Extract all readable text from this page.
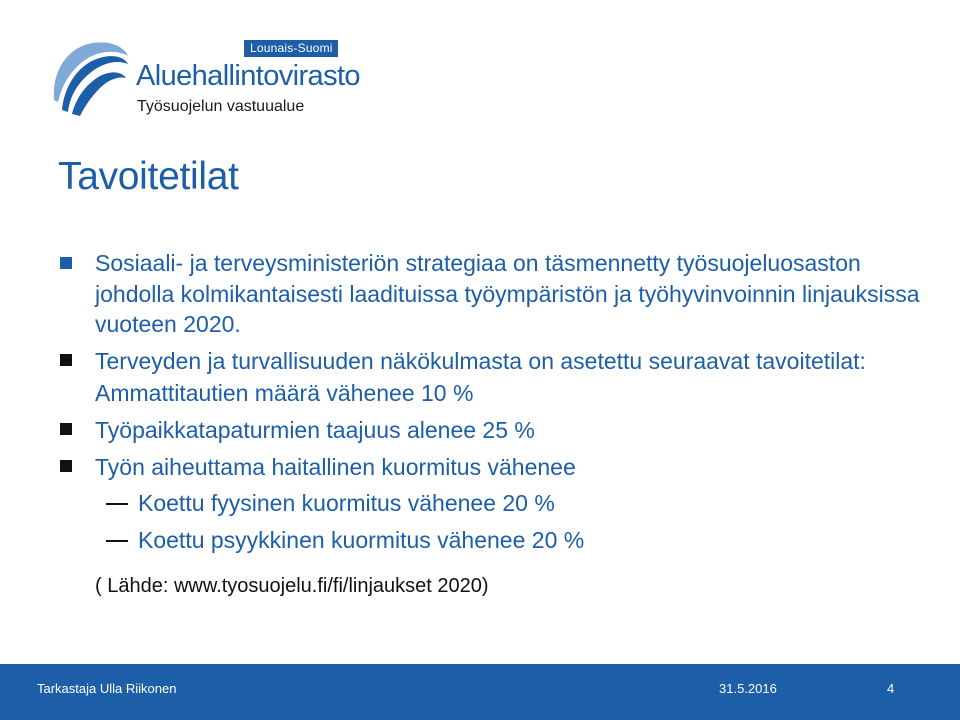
Lounais-Suomi
Aluehallintovirasto
Työsuojelun vastuualue
Tavoitetilat
Sosiaali- ja terveysministeriön strategiaa on täsmennetty työsuojeluosaston johdolla kolmikantaisesti laadituissa työympäristön ja työhyvinvoinnin linjauksissa vuoteen 2020.
Terveyden ja turvallisuuden näkökulmasta on asetettu seuraavat tavoitetilat: Ammattitautien määrä vähenee 10 %
Työpaikkatapaturmien taajuus alenee 25 %
Työn aiheuttama haitallinen kuormitus vähenee
Koettu fyysinen kuormitus vähenee 20 %
Koettu psyykkinen kuormitus vähenee 20 %
( Lähde: www.tyosuojelu.fi/fi/linjaukset 2020)
Tarkastaja Ulla Riikonen	31.5.2016	4
